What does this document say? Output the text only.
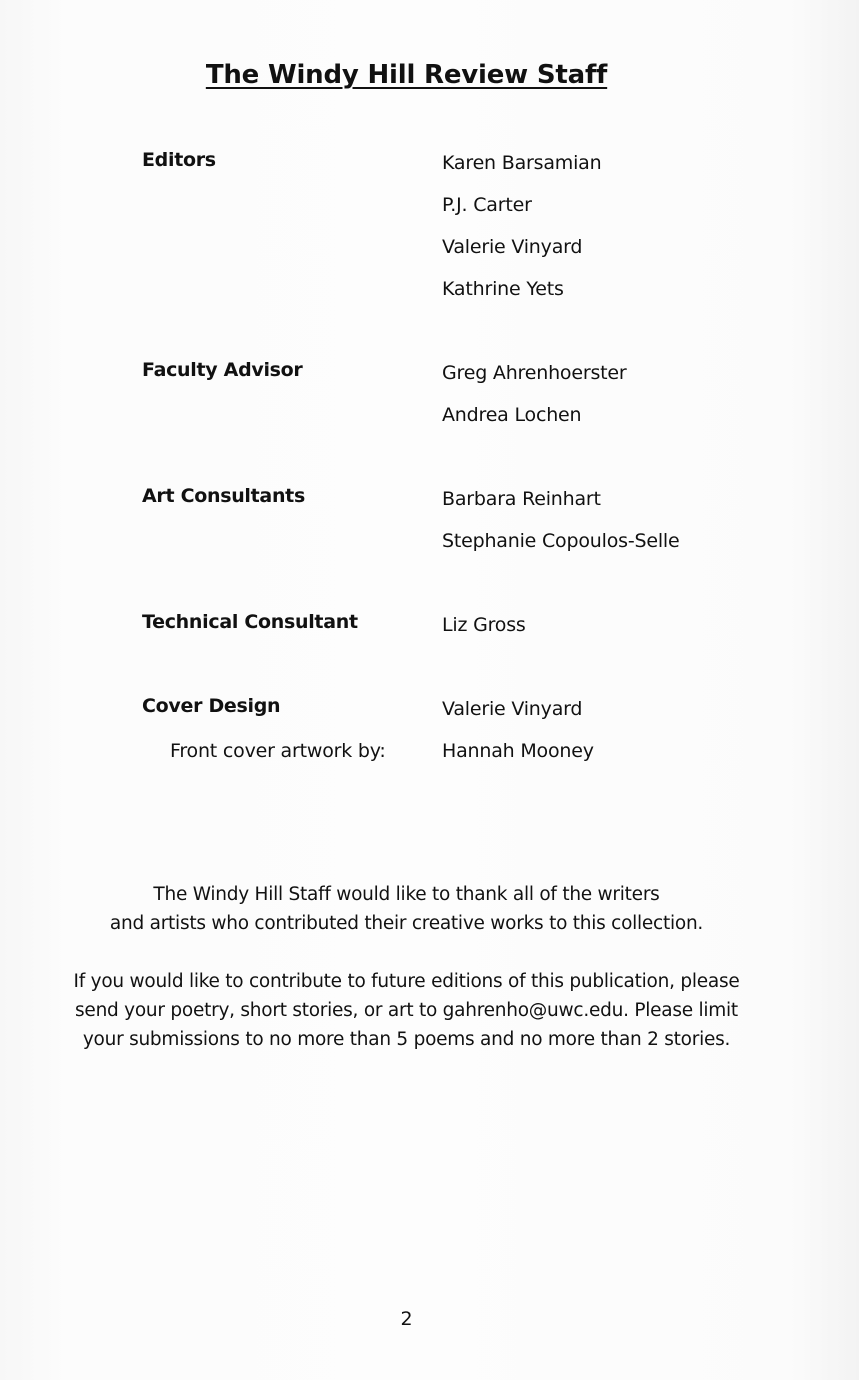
The Windy Hill Review Staff
Editors	Karen Barsamian
P.J. Carter
Valerie Vinyard
Kathrine Yets
Faculty Advisor	Greg Ahrenhoerster
Andrea Lochen
Art Consultants	Barbara Reinhart
Stephanie Copoulos-Selle
Technical Consultant	Liz Gross
Cover Design	Valerie Vinyard
Front cover artwork by:	Hannah Mooney
The Windy Hill Staff would like to thank all of the writers
and artists who contributed their creative works to this collection.
If you would like to contribute to future editions of this publication, please
send your poetry, short stories, or art to gahrenho@uwc.edu. Please limit
your submissions to no more than 5 poems and no more than 2 stories.
2
